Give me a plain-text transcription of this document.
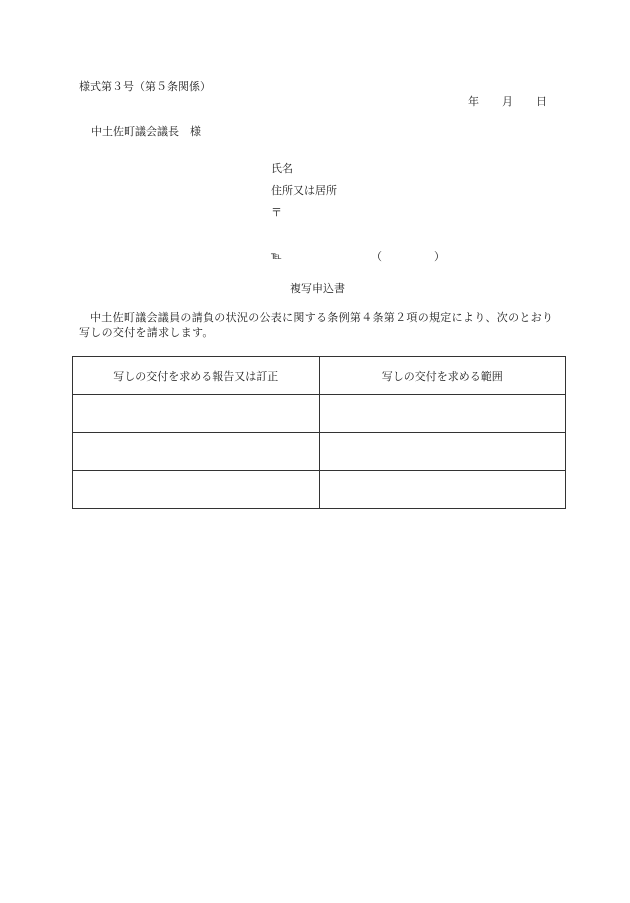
様式第３号（第５条関係）
年 月 日
中土佐町議会議長　様
氏名
住所又は居所
〒
℡	（	）
複写申込書
中土佐町議会議員の請負の状況の公表に関する条例第４条第２項の規定により、次のとおり写しの交付を請求します。
写しの交付を求める報告又は訂正	写しの交付を求める範囲
